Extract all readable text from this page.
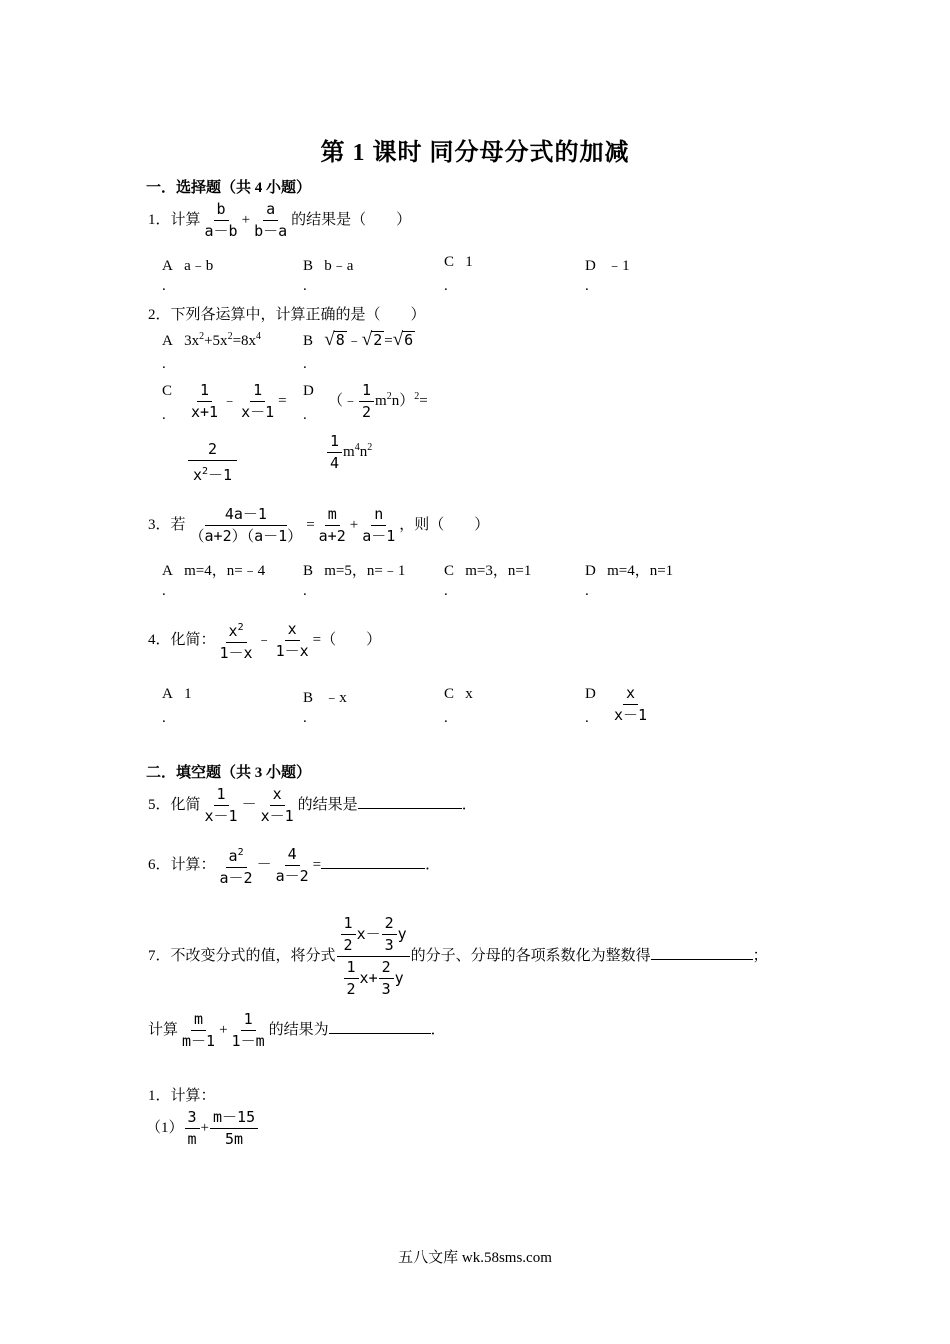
第 1 课时 同分母分式的加减
一．选择题（共 4 小题）
1．计算 $\frac{b}{a-b} + \frac{a}{b-a}$ 的结果是（　　）
A a﹣b	B b﹣a	C 1	D ﹣1
.	.	.	.
2．下列各运算中，计算正确的是（　　）
A $3x^2+5x^2=8x^4$	B √8 ﹣√2 =√6
.	.
C
. $\frac{1}{x+1}$ ﹣ $\frac{1}{x-1}$ =
$\frac{2}{x^2-1}$
D
.
（﹣ $\frac{1}{2} m^2n)^2=$
$\frac{1}{4} m^4n^2$
3．若 $\frac{4a-1}{(a+2)(a-1)} = \frac{m}{a+2} + \frac{n}{a-1}$ ，则（　　）
A m=4，n=﹣4	B m=5，n=﹣1	C m=3，n=1	D m=4，n=1
.	.	.	.
4．化简： $\frac{x^2}{1-x}$ ﹣ $\frac{x}{1-x}$ =（　　）
A 1	B ﹣x	C x	D $\frac{x}{x-1}$
.	.	.	.
二．填空题（共 3 小题）
5．化简 $\frac{1}{x-1} - \frac{x}{x-1}$ 的结果是	．
6．计算： $\frac{a^2}{a-2} - \frac{4}{a-2}$ =	．
7．不改变分式的值，将分式 $\frac{\frac{1}{2} x- \frac{2}{3} y}{\frac{1}{2} x+ \frac{2}{3} y}$ 的分子、分母的各项系数化为整数得	；
计算 $\frac{m}{m-1} + \frac{1}{1-m}$ 的结果为	．
1．计算：
$(1) \frac{3}{m} + \frac{m-15}{5m}$
五八文库 wk.58sms.com
